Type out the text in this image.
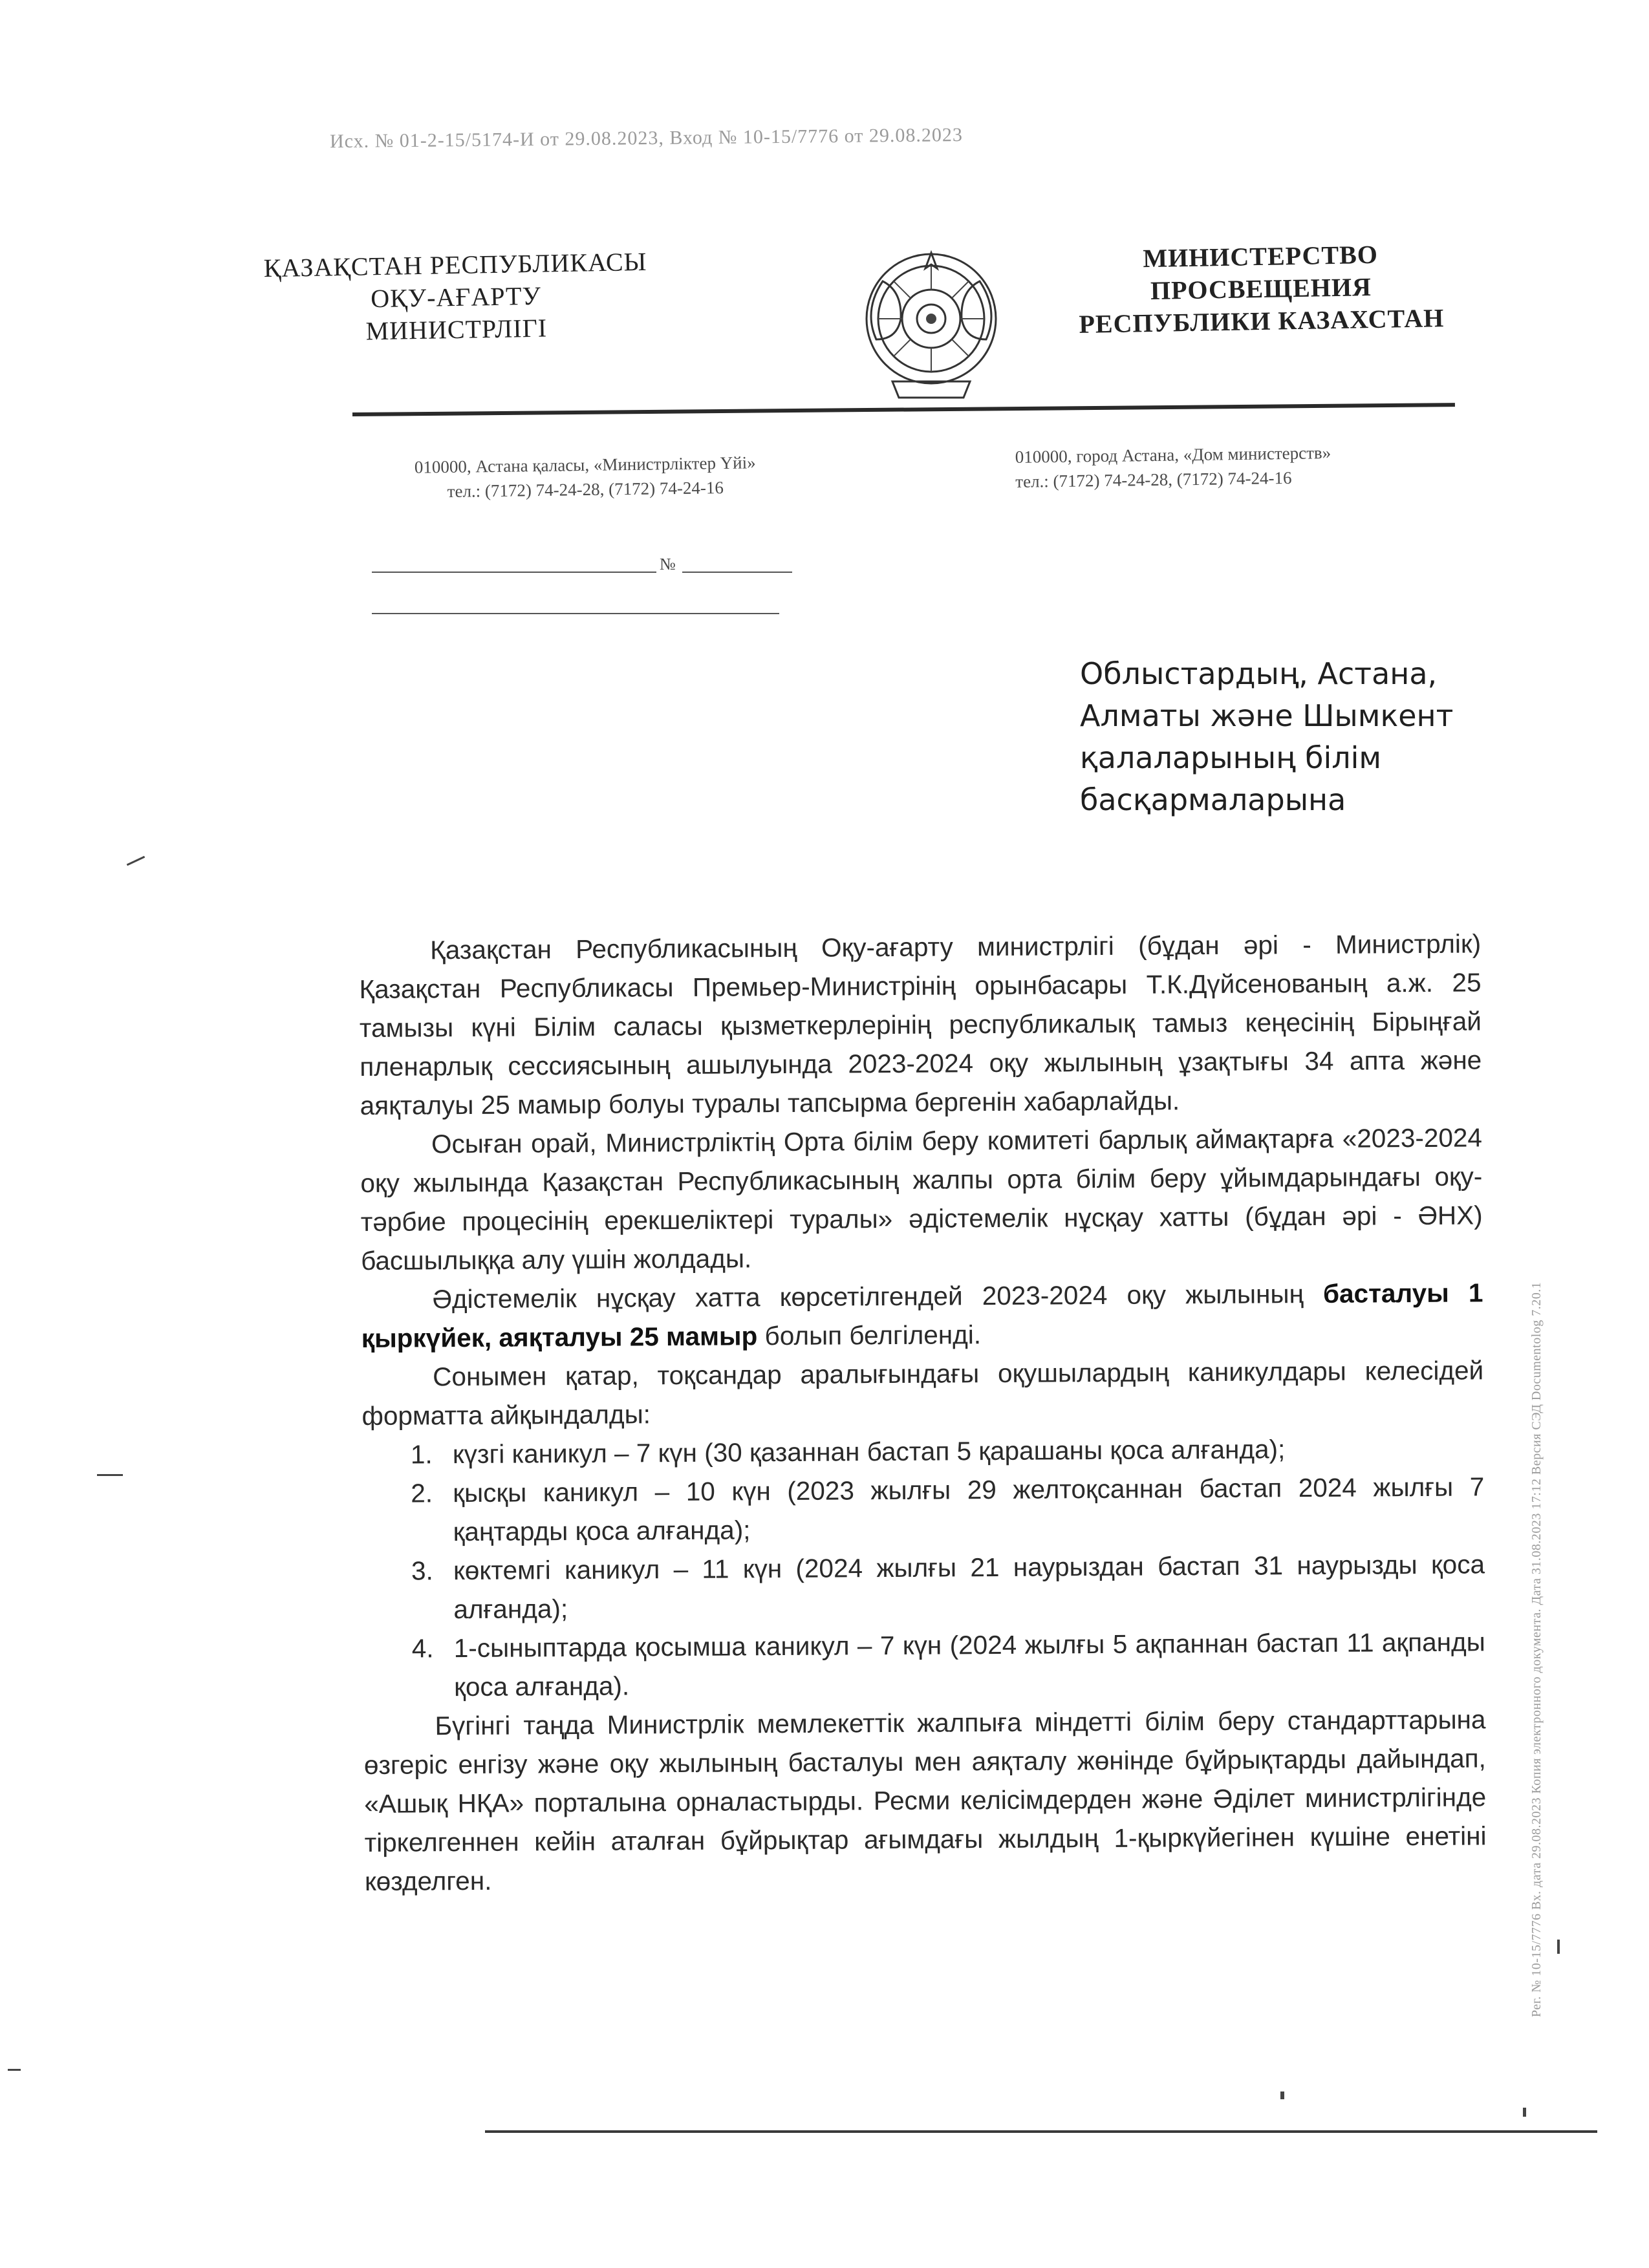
Исх. № 01-2-15/5174-И от 29.08.2023, Вход № 10-15/7776 от 29.08.2023
ҚАЗАҚСТАН РЕСПУБЛИКАСЫ
ОҚУ-АҒАРТУ
МИНИСТРЛІГІ
МИНИСТЕРСТВО
ПРОСВЕЩЕНИЯ
РЕСПУБЛИКИ КАЗАХСТАН
010000, Астана қаласы, «Министрліктер Үйі»
тел.: (7172) 74-24-28, (7172) 74-24-16
010000, город Астана, «Дом министерств»
тел.: (7172) 74-24-28, (7172) 74-24-16
№
Облыстардың, Астана,
Алматы және Шымкент
қалаларының білім
басқармаларына

Қазақстан Республикасының Оқу-ағарту министрлігі (бұдан әрі - Министрлік) Қазақстан Республикасы Премьер-Министрінің орынбасары Т.К.Дүйсенованың а.ж. 25 тамызы күні Білім саласы қызметкерлерінің республикалық тамыз кеңесінің Бірыңғай пленарлық сессиясының ашылуында 2023-2024 оқу жылының ұзақтығы 34 апта және аяқталуы 25 мамыр болуы туралы тапсырма бергенін хабарлайды.

Осыған орай, Министрліктің Орта білім беру комитеті барлық аймақтарға «2023-2024 оқу жылында Қазақстан Республикасының жалпы орта білім беру ұйымдарындағы оқу-тәрбие процесінің ерекшеліктері туралы» әдістемелік нұсқау хатты (бұдан әрі - ӘНХ) басшылыққа алу үшін жолдады.

Әдістемелік нұсқау хатта көрсетілгендей 2023-2024 оқу жылының басталуы 1 қыркүйек, аяқталуы 25 мамыр болып белгіленді.

Сонымен қатар, тоқсандар аралығындағы оқушылардың каникулдары келесідей форматта айқындалды:

1. күзгі каникул – 7 күн (30 қазаннан бастап 5 қарашаны қоса алғанда);
2. қысқы каникул – 10 күн (2023 жылғы 29 желтоқсаннан бастап 2024 жылғы 7 қаңтарды қоса алғанда);
3. көктемгі каникул – 11 күн (2024 жылғы 21 наурыздан бастап 31 наурызды қоса алғанда);
4. 1-сыныптарда қосымша каникул – 7 күн (2024 жылғы 5 ақпаннан бастап 11 ақпанды қоса алғанда).

Бүгінгі таңда Министрлік мемлекеттік жалпыға міндетті білім беру стандарттарына өзгеріс енгізу және оқу жылының басталуы мен аяқталу жөнінде бұйрықтарды дайындап, «Ашық НҚА» порталына орналастырды. Ресми келісімдерден және Әділет министрлігінде тіркелгеннен кейін аталған бұйрықтар ағымдағы жылдың 1-қыркүйегінен күшіне енетіні көзделген.	Рег. № 10-15/7776 Вх. дата 29.08.2023 Копия электронного документа. Дата 31.08.2023 17:12 Версия СЭД Documentolog 7.20.1
